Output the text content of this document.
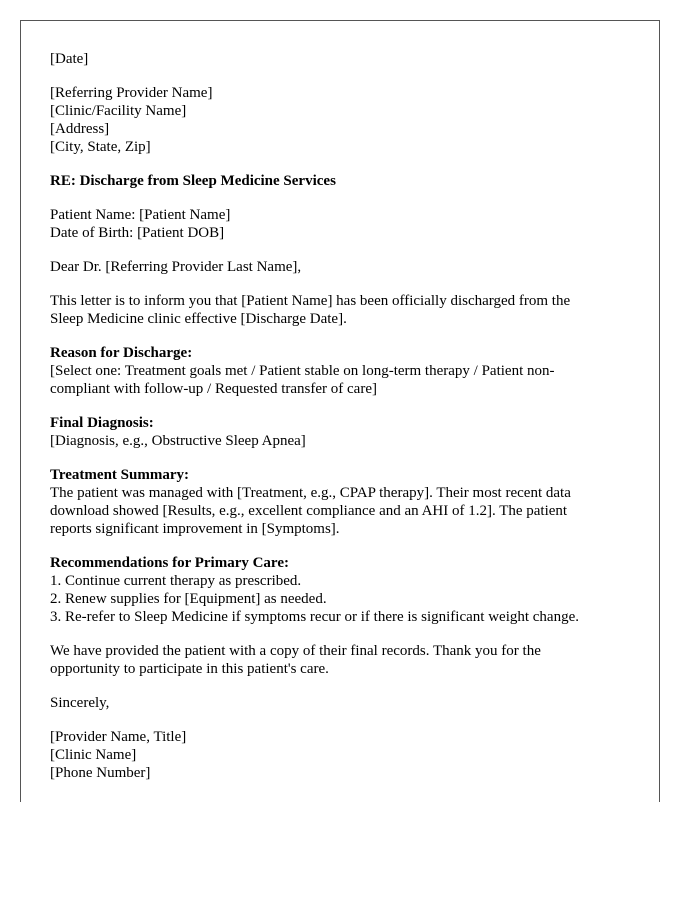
[Date]
[Referring Provider Name]
[Clinic/Facility Name]
[Address]
[City, State, Zip]
RE: Discharge from Sleep Medicine Services
Patient Name: [Patient Name]
Date of Birth: [Patient DOB]
Dear Dr. [Referring Provider Last Name],
This letter is to inform you that [Patient Name] has been officially discharged from the
Sleep Medicine clinic effective [Discharge Date].
Reason for Discharge:
[Select one: Treatment goals met / Patient stable on long-term therapy / Patient non-
compliant with follow-up / Requested transfer of care]
Final Diagnosis:
[Diagnosis, e.g., Obstructive Sleep Apnea]
Treatment Summary:
The patient was managed with [Treatment, e.g., CPAP therapy]. Their most recent data
download showed [Results, e.g., excellent compliance and an AHI of 1.2]. The patient
reports significant improvement in [Symptoms].
Recommendations for Primary Care:
1. Continue current therapy as prescribed.
2. Renew supplies for [Equipment] as needed.
3. Re-refer to Sleep Medicine if symptoms recur or if there is significant weight change.
We have provided the patient with a copy of their final records. Thank you for the
opportunity to participate in this patient's care.
Sincerely,
[Provider Name, Title]
[Clinic Name]
[Phone Number]
